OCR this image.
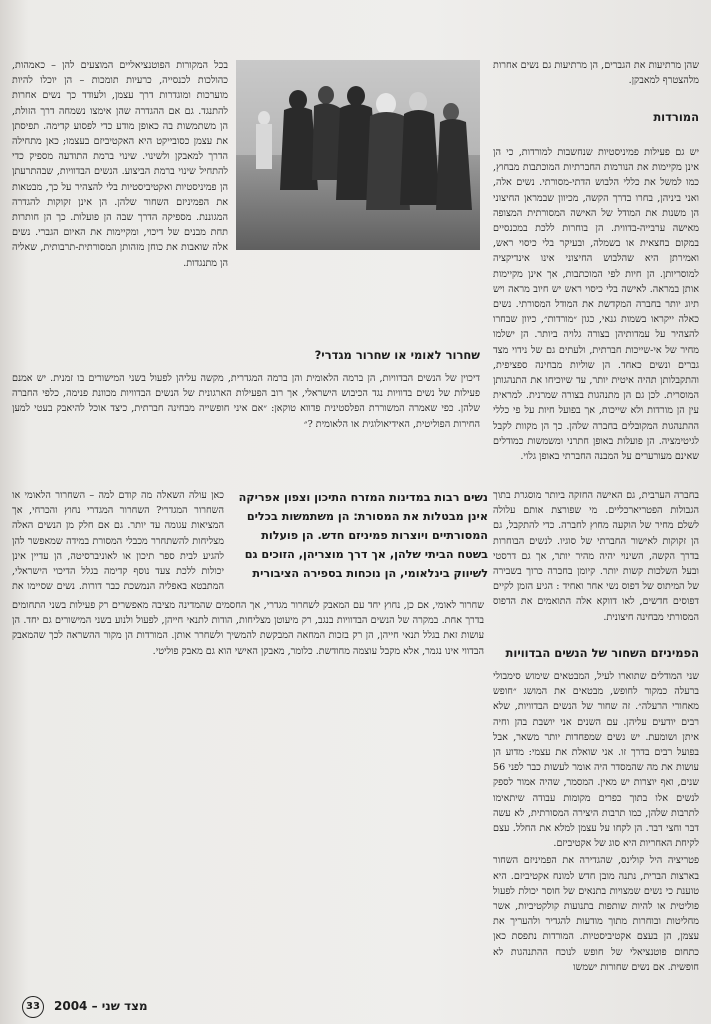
שהן מרתיעות את הגברים, הן מרתיעות גם נשים אחרות מלהצטרף למאבקן.

המורדות

יש גם פעילות פמיניסטיות שנחשבות למורדות, כי הן אינן מקיימות את הנורמות החברתיות המוכתבות מבחוץ, כמו למשל את כללי הלבוש הדתי-מסורתי. נשים אלה, ואני ביניהן, בחרו בדרך הקשה, מכיוון שבמראן החיצוני הן משנות את המודל של האישה המסורתית המצופה מאישה ערבייה-בדווית. הן בוחרות ללכת במכנסיים במקום בחצאית או בשמלה, ובעיקר בלי כיסוי ראש, ואמירתן היא שהלבוש החיצוני אינו אינדיקציה למוסריותן. הן חיות לפי המוכתבות, אך אינן מקיימות אותן במראה. לאישה בלי כיסוי ראש יש חיוב מראה ויש תיוג יותר בחברה המקדשת את המודל המסורתי. נשים כאלה ייקראו בשמות גנאי, כגון ״מורדות״, כיוון שבחרו להצהיר על עמדותיהן בצורה גלויה ביותר. הן ישלמו מחיר של אי-שייכות חברתית, ולעתים גם של נידוי מצד גברים ונשים כאחד. הן שוליות מבחינה ספציפית, והתקבלותן תהיה איטית יותר, עד שיוכיחו את התנהגותן המוסרית. לכן גם הן מתנהגות בצורה שמרנית. למראית עין הן מורדות ולא שייכות, אך בפועל חיות על פי כללי ההתנהגות המקובלים בחברה שלהן. כך הן מקוות לקבל לגיטימציה. הן פועלות באופן חתרני ומשמשות כמודלים שאינם מעורערים על המבנה החברתי באופן גלוי.

בכל המקורות הפוטנציאליים המוצעים להן – כאמהות, כהולכות לכנסייה, כרעיות תומכות – הן יוכלו להיות מוערכות ומוגדרות דרך עצמן, ולעודד כך נשים אחרות להתנגד. גם אם ההגדרה שהן אימצו נשמחה דרך הזולת, הן משתמשות בה כאופן מודע כדי לפסוע קדימה. תפיסתן את עצמן כסובייקט היא האקטיביזם בעצמו; כאן מתחילה הדרך למאבקן ולשינוי. שינוי ברמת התודעה מספיק כדי להתחיל שינוי ברמת הביצוע. הנשים הבדוויות, שבהתרעתן הן פמיניסטיות ואקטיביסטיות בלי להצהיר על כך, מבטאות את הפמיניזם השחור שלהן. הן אינן זקוקות להגדרה המגוננת. מספיקה הדרך שבה הן פועלות. כך הן חותרות תחת מבנים של דיכוי, ומקיימות את האיום הגברי. נשים אלה שואבות את כוחן מזהותן המסורתית-תרבותית, שאליה הן מתנגדות.

שחרור לאומי או שחרור מגדרי?

דיכוין של הנשים הבדוויות, הן ברמה הלאומית והן ברמה המגדרית, מקשה עליהן לפעול בשני המישורים בו זמנית. יש אמנם פעילות של נשים בדוויות נגד הכיבוש הישראלי, אך רוב הפעילות הארגונית של הנשים הבדוויות מכוונת פנימה, כלפי החברה שלהן. כפי שאמרה המשוררת הפלסטינית פדווא טוקאן: ״אם איני חופשייה מבחינה חברתית, כיצד אוכל להיאבק בעטי למען החירות הפוליטית, האידיאולוגית או הלאומית ?״

נשים רבות במדינות המזרח התיכון וצפון אפריקה אינן מבטלות את המסורת: הן משתמשות בכלים המסורתיים ויוצרות פמיניזם חדש. הן פועלות בשטח הביתי שלהן, אך דרך מוצריהן, הזוכים גם לשיווק בינלאומי, הן נוכחות בספירה הציבורית

בחברה הערבית, גם האישה החזקה ביותר מוסגרת בתוך הגבולות הפטריארכליים. מי שפורצת אותם עלולה לשלם מחיר של הוקעה מחוץ לחברה. כדי להתקבל, גם הן זקוקות לאישור החברתי של סוגיו. לנשים הבוחרות בדרך הקשה, השינוי יהיה מהיר יותר, אך גם דרסטי ובעל השלכות קשות יותר. קיומן בחברה כרוך בשבירה של המיתוס של דפוס נשי אחר ואחיד : הגיע הזמן לקיים דפוסים חדשים, לאו דווקא אלה התואמים את הדפוס המסורתי מבחינה חיצונית.

כאן עולה השאלה מה קודם למה – השחרור הלאומי או השחרור המגדרי? השחרור המגדרי נחוץ והכרחי, אך המציאות עגומה עד יותר. גם אם חלק מן הנשים האלה מצליחות להשתחרר מכבלי המסורת במידה שמאפשר להן להגיע לבית ספר תיכון או לאוניברסיטה, הן עדיין אינן יכולות ללכת צעד נוסף קדימה בגלל הדיכוי הישראלי, המתבטא באפליה הנמשכת כבר דורות. נשים שסיימו את

שחרור לאומי, אם כן, נחוץ יחד עם המאבק לשחרור מגדרי, אך החסמים שהמדינה מציבה מאפשרים רק פעילות בשני התחומים בדרך אחת. במקרה של הנשים הבדוויות בנגב, רק מיעוטן מצליחות, הודות לתנאי חייהן, לפעול ולנוע בשני המישורים גם יחד. הן עושות זאת בגלל תנאי חייהן, הן רק בזכות המחאה המבקשת להמשיך ולשחרר אותן. המורדות הן מקור ההשראה לכך שהמאבק הבדווי אינו נגמר, אלא מקבל עוצמה מחודשת. כלומר, מאבקן האישי הוא גם מאבק פוליטי.	הפמיניזם השחור של הנשים הבדוויות

שני המודלים שתוארו לעיל, המבטאים שימוש סימבולי ברעלה כמקור לחופש, מבטאים את המושג ״חופש מאחורי הרעלה״. זה שחור של הנשים הבדוויות, שלא רבים יודעים עליהן. עם השנים אני יושבת בהן וחיה איתן ושומעת. יש נשים שמפחדות יותר משאר, אבל בפועל רבים בדרך זו. אני שואלת את עצמי: מדוע הן עושות את מה שהמסדר היה אומר לעשות כבר לפני 56 שנים, ואף יוצרות יש מאין. המסמר, שהיה אמור לספק לנשים אלו בתוך כפרים מקומות עבודה שיתאימו לתרבות שלהן, כמו תרבות היצירה המסורתית, לא עשה דבר וחצי דבר. הן לקחו על עצמן למלא את החלל. עצם לקיחת האחריות היא סוג של אקטיביזם.

פטריציה היל קולינס, שהגדירה את הפמיניזם השחור בארצות הברית, נתנה מובן חדש למונח אקטיביזם. היא טוענת כי נשים שמצויות בתנאים של חוסר יכולת לפעול פוליטית או להיות שותפות בתנועות קולקטיביות, אשר מחליטות ובוחרות מתוך מודעות להגדיר ולהעריך את עצמן, הן בעצם אקטיביסטיות. המורדות נתפסת כאן כתחום פוטנציאלי של חופש לנוכח ההתנהגות לא חופשית. אם נשים שחורות ישמשו

33	מצד שני – 2004
